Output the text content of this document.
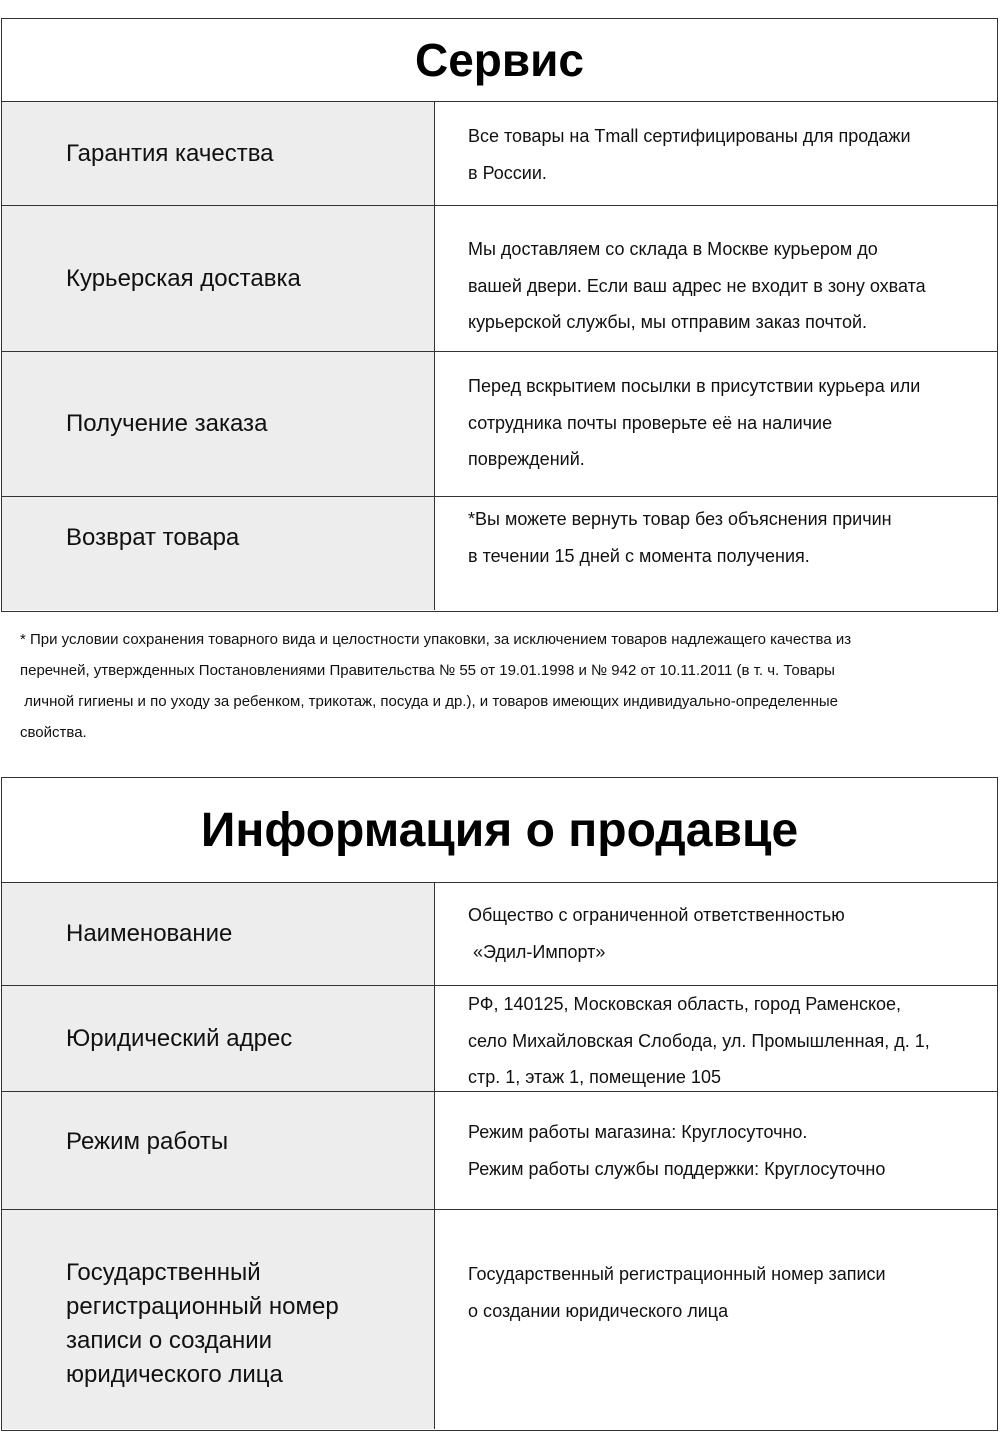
Сервис
Гарантия качества
Все товары на Tmall сертифицированы для продажи
в России.
Курьерская доставка
Мы доставляем со склада в Москве курьером до
вашей двери. Если ваш адрес не входит в зону охвата
курьерской службы, мы отправим заказ почтой.
Получение заказа
Перед вскрытием посылки в присутствии курьера или
сотрудника почты проверьте её на наличие
повреждений.
Возврат товара
*Вы можете вернуть товар без объяснения причин
в течении 15 дней с момента получения.
* При условии сохранения товарного вида и целостности упаковки, за исключением товаров надлежащего качества из
перечней, утвержденных Постановлениями Правительства № 55 от 19.01.1998 и № 942 от 10.11.2011 (в т. ч. Товары
личной гигиены и по уходу за ребенком, трикотаж, посуда и др.), и товаров имеющих индивидуально-определенные
свойства.
Информация о продавце
Наименование
Общество с ограниченной ответственностью
«Эдил-Импорт»
Юридический адрес
РФ, 140125, Московская область, город Раменское,
село Михайловская Слобода, ул. Промышленная, д. 1,
стр. 1, этаж 1, помещение 105
Режим работы	Режим работы магазина: Круглосуточно.
Режим работы службы поддержки: Круглосуточно
Государственный
регистрационный номер
записи о создании
юридического лица
Государственный регистрационный номер записи
о создании юридического лица
